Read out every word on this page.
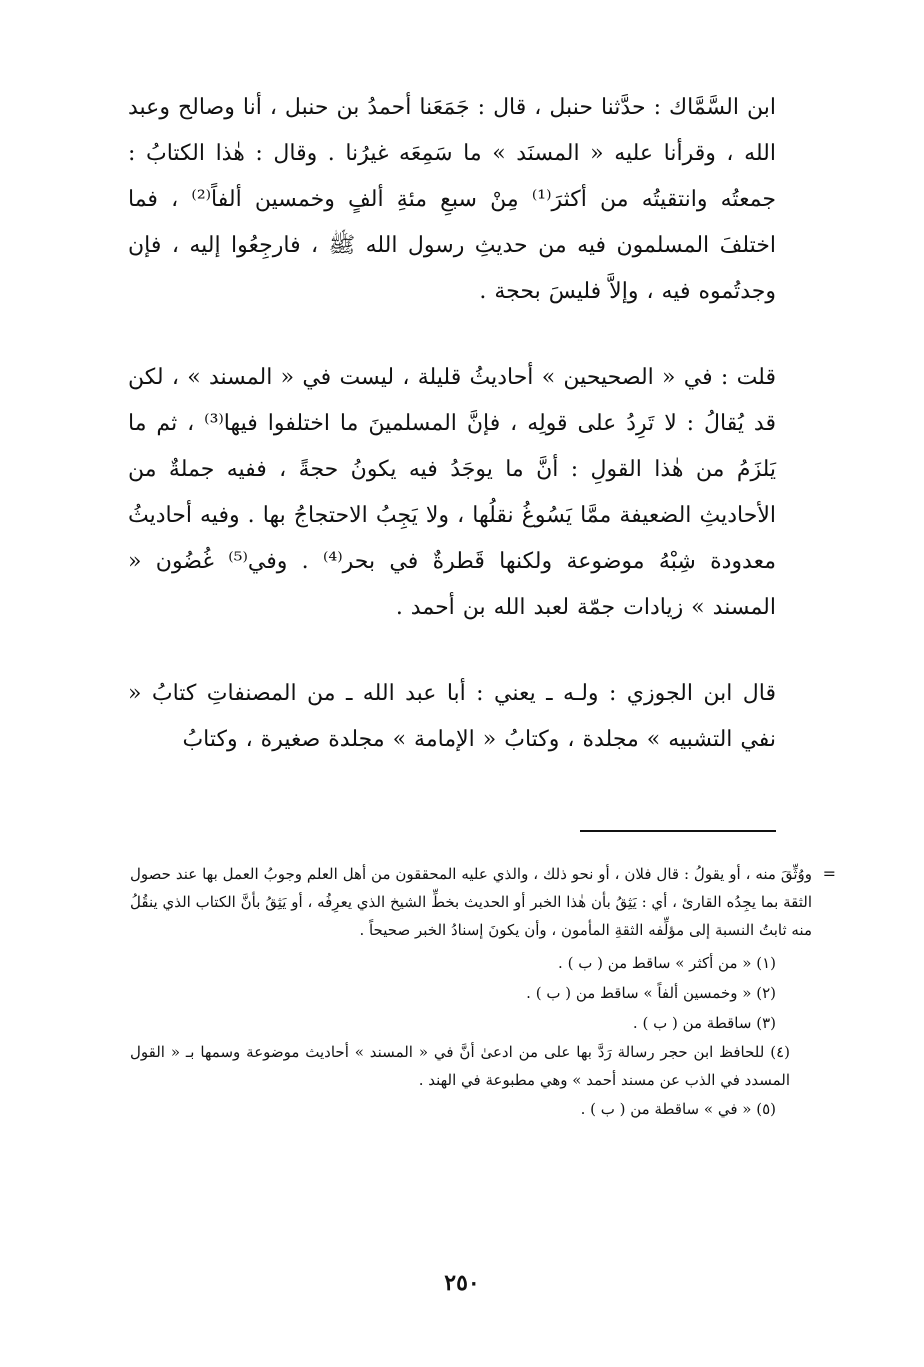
ابن السَّمَّاك : حدَّثنا حنبل ، قال : جَمَعَنا أحمدُ بن حنبل ، أنا وصالح وعبد الله ، وقرأنا عليه « المسنَد » ما سَمِعَه غيرُنا . وقال : هٰذا الكتابُ : جمعتُه وانتقيتُه من أكثرَ⁽¹⁾ مِنْ سبعِ مئةِ ألفٍ وخمسين ألفاً⁽²⁾ ، فما اختلفَ المسلمون فيه من حديثِ رسول الله ﷺ ، فارجِعُوا إليه ، فإن وجدتُموه فيه ، وإلاَّ فليسَ بحجة .

قلت : في « الصحيحين » أحاديثُ قليلة ، ليست في « المسند » ، لكن قد يُقالُ : لا تَرِدُ على قولِه ، فإنَّ المسلمينَ ما اختلفوا فيها⁽³⁾ ، ثم ما يَلزَمُ من هٰذا القولِ : أنَّ ما يوجَدُ فيه يكونُ حجةً ، ففيه جملةٌ من الأحاديثِ الضعيفة ممَّا يَسُوغُ نقلُها ، ولا يَجِبُ الاحتجاجُ بها . وفيه أحاديثُ معدودة شِبْهُ موضوعة ولكنها قَطرةٌ في بحر⁽⁴⁾ . وفي⁽⁵⁾ غُضُون « المسند » زيادات جمّة لعبد الله بن أحمد .

قال ابن الجوزي : ولـه ـ يعني : أبا عبد الله ـ من المصنفاتِ كتابُ « نفي التشبيه » مجلدة ، وكتابُ « الإمامة » مجلدة صغيرة ، وكتابُ

=
ووُثِّقَ منه ، أو يقولُ : قال فلان ، أو نحو ذلك ، والذي عليه المحققون من أهل العلم وجوبُ العمل بها عند حصول الثقة بما يجِدُه القارئ ، أي : يَثِقُ بأن هٰذا الخبر أو الحديث بخطِّ الشيخ الذي يعرِفُه ، أو يَثِقُ بأنَّ الكتاب الذي ينقُلُ منه ثابتُ النسبة إلى مؤلِّفه الثقةِ المأمون ، وأن يكونَ إسنادُ الخبر صحيحاً .

(١) « من أكثر » ساقط من ( ب ) .

(٢) « وخمسين ألفاً » ساقط من ( ب ) .

(٣) ساقطة من ( ب ) .

(٤) للحافظ ابن حجر رسالة رَدَّ بها على من ادعىٰ أنَّ في « المسند » أحاديث موضوعة وسمها بـ « القول المسدد في الذب عن مسند أحمد » وهي مطبوعة في الهند .

(٥) « في » ساقطة من ( ب ) .

٢٥٠
